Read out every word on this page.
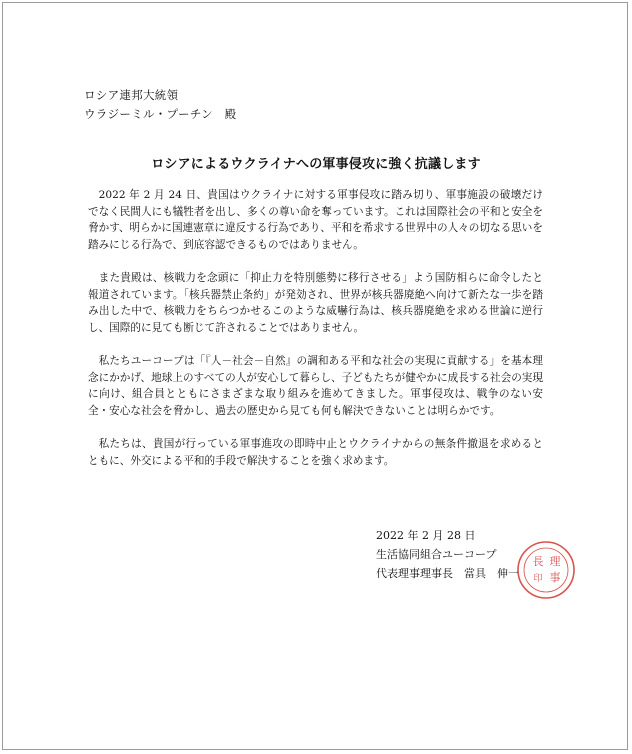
ロシア連邦大統領
ウラジーミル・プーチン　殿
ロシアによるウクライナへの軍事侵攻に強く抗議します

2022 年 2 月 24 日、貴国はウクライナに対する軍事侵攻に踏み切り、軍事施設の破壊だけでなく民間人にも犠牲者を出し、多くの尊い命を奪っています。これは国際社会の平和と安全を脅かす、明らかに国連憲章に違反する行為であり、平和を希求する世界中の人々の切なる思いを踏みにじる行為で、到底容認できるものではありません。

また貴殿は、核戦力を念頭に「抑止力を特別態勢に移行させる」よう国防相らに命令したと報道されています。「核兵器禁止条約」が発効され、世界が核兵器廃絶へ向けて新たな一歩を踏み出した中で、核戦力をちらつかせるこのような威嚇行為は、核兵器廃絶を求める世論に逆行し、国際的に見ても断じて許されることではありません。

私たちユーコープは「『人－社会－自然』の調和ある平和な社会の実現に貢献する」を基本理念にかかげ、地球上のすべての人が安心して暮らし、子どもたちが健やかに成長する社会の実現に向け、組合員とともにさまざまな取り組みを進めてきました。軍事侵攻は、戦争のない安全・安心な社会を脅かし、過去の歴史から見ても何も解決できないことは明らかです。

私たちは、貴国が行っている軍事進攻の即時中止とウクライナからの無条件撤退を求めるとともに、外交による平和的手段で解決することを強く求めます。

2022 年 2 月 28 日
生活協同組合ユーコープ
代表理事理事長　當具　伸一
長 理
事
印
